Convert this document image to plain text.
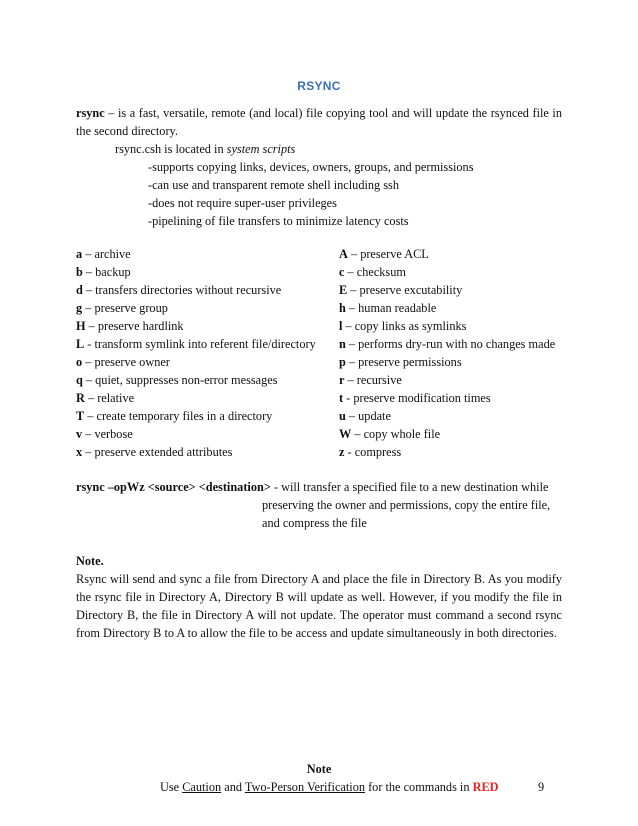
RSYNC
rsync – is a fast, versatile, remote (and local) file copying tool and will update the rsynced file in the second directory.
rsync.csh is located in system scripts
-supports copying links, devices, owners, groups, and permissions
-can use and transparent remote shell including ssh
-does not require super-user privileges
-pipelining of file transfers to minimize latency costs
a – archive
b – backup
d – transfers directories without recursive
g – preserve group
H – preserve hardlink
L - transform symlink into referent file/directory
o – preserve owner
q – quiet, suppresses non-error messages
R – relative
T – create temporary files in a directory
v – verbose
x – preserve extended attributes
A – preserve ACL
c – checksum
E – preserve excutability
h – human readable
l – copy links as symlinks
n – performs dry-run with no changes made
p – preserve permissions
r – recursive
t - preserve modification times
u – update
W – copy whole file
z - compress
rsync –opWz <source> <destination> - will transfer a specified file to a new destination while
preserving the owner and permissions, copy the entire file,
and compress the file
Note.
Rsync will send and sync a file from Directory A and place the file in Directory B. As you modify the rsync file in Directory A, Directory B will update as well. However, if you modify the file in Directory B, the file in Directory A will not update. The operator must command a second rsync from Directory B to A to allow the file to be access and update simultaneously in both directories.
Note
Use Caution and Two-Person Verification for the commands in RED	9
